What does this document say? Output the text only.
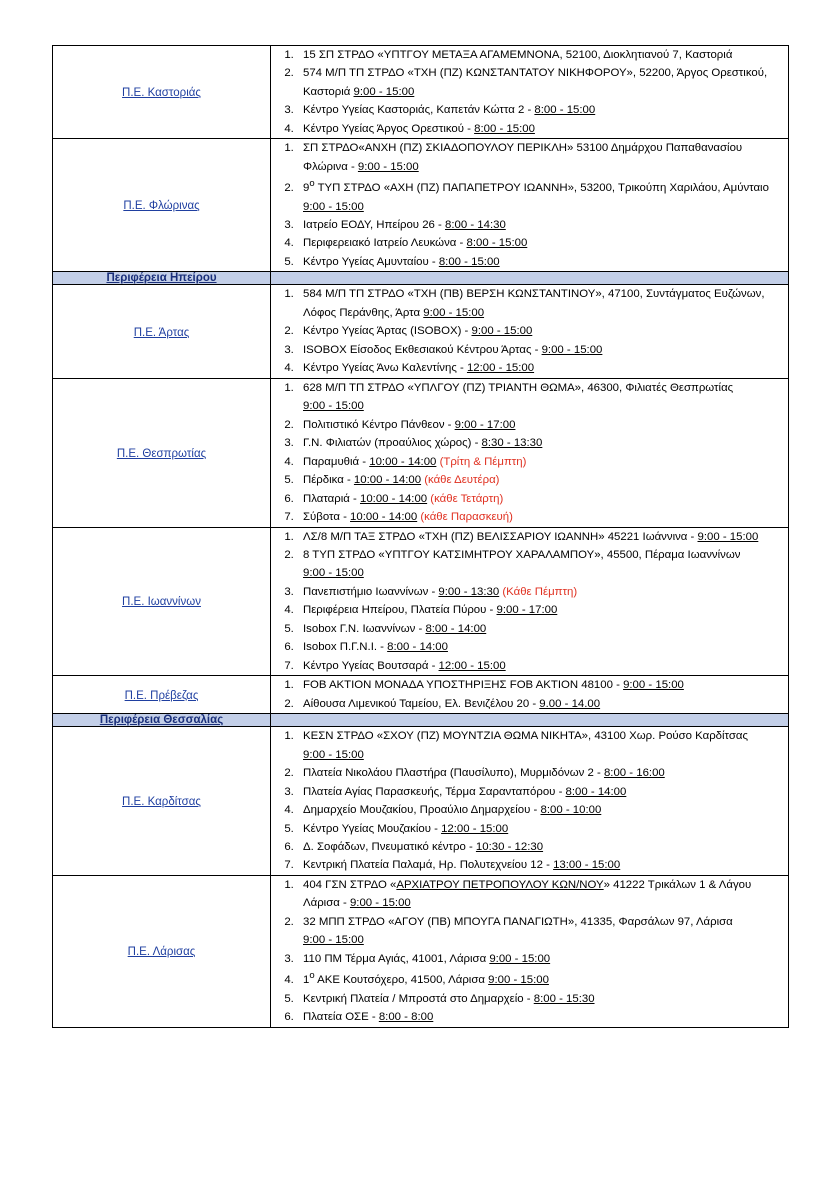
Π.Ε. Καστοριάς	
1. 15 ΣΠ ΣΤΡΔΟ «ΥΠΤΓΟΥ ΜΕΤΑΞΑ ΑΓΑΜΕΜΝΟΝΑ, 52100, Διοκλητιανού 7, Καστοριά
2. 574 Μ/Π ΤΠ ΣΤΡΔΟ «ΤΧΗ (ΠΖ) ΚΩΝΣΤΑΝΤΑΤΟΥ ΝΙΚΗΦΟΡΟΥ», 52200, Άργος Ορεστικού, Καστοριά 9:00 - 15:00
3. Κέντρο Υγείας Καστοριάς, Καπετάν Κώττα 2 - 8:00 - 15:00
4. Κέντρο Υγείας Άργος Ορεστικού - 8:00 - 15:00

Π.Ε. Φλώρινας	
1. ΣΠ ΣΤΡΔΟ«ΑΝΧΗ (ΠΖ) ΣΚΙΑΔΟΠΟΥΛΟΥ ΠΕΡΙΚΛΗ» 53100 Δημάρχου Παπαθανασίου Φλώρινα - 9:00 - 15:00
2. $9^o$ ΤΥΠ ΣΤΡΔΟ «ΑΧΗ (ΠΖ) ΠΑΠΑΠΕΤΡΟΥ ΙΩΑΝΝΗ», 53200, Τρικούπη Χαριλάου, Αμύνταιο 9:00 - 15:00
3. Ιατρείο ΕΟΔΥ, Ηπείρου 26 - 8:00 - 14:30
4. Περιφερειακό Ιατρείο Λευκώνα - 8:00 - 15:00
5. Κέντρο Υγείας Αμυνταίου - 8:00 - 15:00

Περιφέρεια Ηπείρου	

Π.Ε. Άρτας	
1. 584 Μ/Π ΤΠ ΣΤΡΔΟ «ΤΧΗ (ΠΒ) ΒΕΡΣΗ ΚΩΝΣΤΑΝΤΙΝΟΥ», 47100, Συντάγματος Ευζώνων, Λόφος Περάνθης, Άρτα 9:00 - 15:00
2. Κέντρο Υγείας Άρτας (ISOBOX) - 9:00 - 15:00
3. ISOBOX Είσοδος Εκθεσιακού Κέντρου Άρτας - 9:00 - 15:00
4. Κέντρο Υγείας Άνω Καλεντίνης - 12:00 - 15:00

Π.Ε. Θεσπρωτίας	
1. 628 Μ/Π ΤΠ ΣΤΡΔΟ «ΥΠΛΓΟΥ (ΠΖ) ΤΡΙΑΝΤΗ ΘΩΜΑ», 46300, Φιλιατές Θεσπρωτίας 9:00 - 15:00
2. Πολιτιστικό Κέντρο Πάνθεον - 9:00 - 17:00
3. Γ.Ν. Φιλιατών (προαύλιος χώρος) - 8:30 - 13:30
4. Παραμυθιά - 10:00 - 14:00 (Τρίτη & Πέμπτη)
5. Πέρδικα - 10:00 - 14:00 (κάθε Δευτέρα)
6. Πλαταριά - 10:00 - 14:00 (κάθε Τετάρτη)
7. Σύβοτα - 10:00 - 14:00 (κάθε Παρασκευή)

Π.Ε. Ιωαννίνων	
1. ΛΣ/8 Μ/Π ΤΑΞ ΣΤΡΔΟ «ΤΧΗ (ΠΖ) ΒΕΛΙΣΣΑΡΙΟΥ ΙΩΑΝΝΗ» 45221 Ιωάννινα - 9:00 - 15:00
2. 8 ΤΥΠ ΣΤΡΔΟ «ΥΠΤΓΟΥ ΚΑΤΣΙΜΗΤΡΟΥ ΧΑΡΑΛΑΜΠΟΥ», 45500, Πέραμα Ιωαννίνων 9:00 - 15:00
3. Πανεπιστήμιο Ιωαννίνων - 9:00 - 13:30 (Κάθε Πέμπτη)
4. Περιφέρεια Ηπείρου, Πλατεία Πύρου - 9:00 - 17:00
5. Isobox Γ.Ν. Ιωαννίνων - 8:00 - 14:00
6. Isobox Π.Γ.Ν.Ι. - 8:00 - 14:00
7. Κέντρο Υγείας Βουτσαρά - 12:00 - 15:00

Π.Ε. Πρέβεζας	
1. FOB AKTION ΜΟΝΑΔΑ ΥΠΟΣΤΗΡΙΞΗΣ FOB AKTION 48100 - 9:00 - 15:00
2. Αίθουσα Λιμενικού Ταμείου, Ελ. Βενιζέλου 20 - 9.00 - 14.00

Περιφέρεια Θεσσαλίας	

Π.Ε. Καρδίτσας	
1. ΚΕΣΝ ΣΤΡΔΟ «ΣΧΟΥ (ΠΖ) ΜΟΥΝΤΖΙΑ ΘΩΜΑ ΝΙΚΗΤΑ», 43100 Χωρ. Ρούσο Καρδίτσας 9:00 - 15:00
2. Πλατεία Νικολάου Πλαστήρα (Παυσίλυπο), Μυρμιδόνων 2 - 8:00 - 16:00
3. Πλατεία Αγίας Παρασκευής, Τέρμα Σαρανταπόρου - 8:00 - 14:00
4. Δημαρχείο Μουζακίου, Προαύλιο Δημαρχείου - 8:00 - 10:00
5. Κέντρο Υγείας Μουζακίου - 12:00 - 15:00
6. Δ. Σοφάδων, Πνευματικό κέντρο - 10:30 - 12:30
7. Κεντρική Πλατεία Παλαμά, Ηρ. Πολυτεχνείου 12 - 13:00 - 15:00

Π.Ε. Λάρισας	
1. 404 ΓΣΝ ΣΤΡΔΟ «ΑΡΧΙΑΤΡΟΥ ΠΕΤΡΟΠΟΥΛΟΥ ΚΩΝ/ΝΟΥ» 41222 Τρικάλων 1 & Λάγου Λάρισα - 9:00 - 15:00
2. 32 ΜΠΠ ΣΤΡΔΟ «ΑΓΟΥ (ΠΒ) ΜΠΟΥΓΑ ΠΑΝΑΓΙΩΤΗ», 41335, Φαρσάλων 97, Λάρισα 9:00 - 15:00
3. 110 ΠΜ Τέρμα Αγιάς, 41001, Λάρισα 9:00 - 15:00
4. $1^o$ ΑΚΕ Κουτσόχερο, 41500, Λάρισα 9:00 - 15:00
5. Κεντρική Πλατεία / Μπροστά στο Δημαρχείο - 8:00 - 15:30
6. Πλατεία ΟΣΕ - 8:00 - 8:00
